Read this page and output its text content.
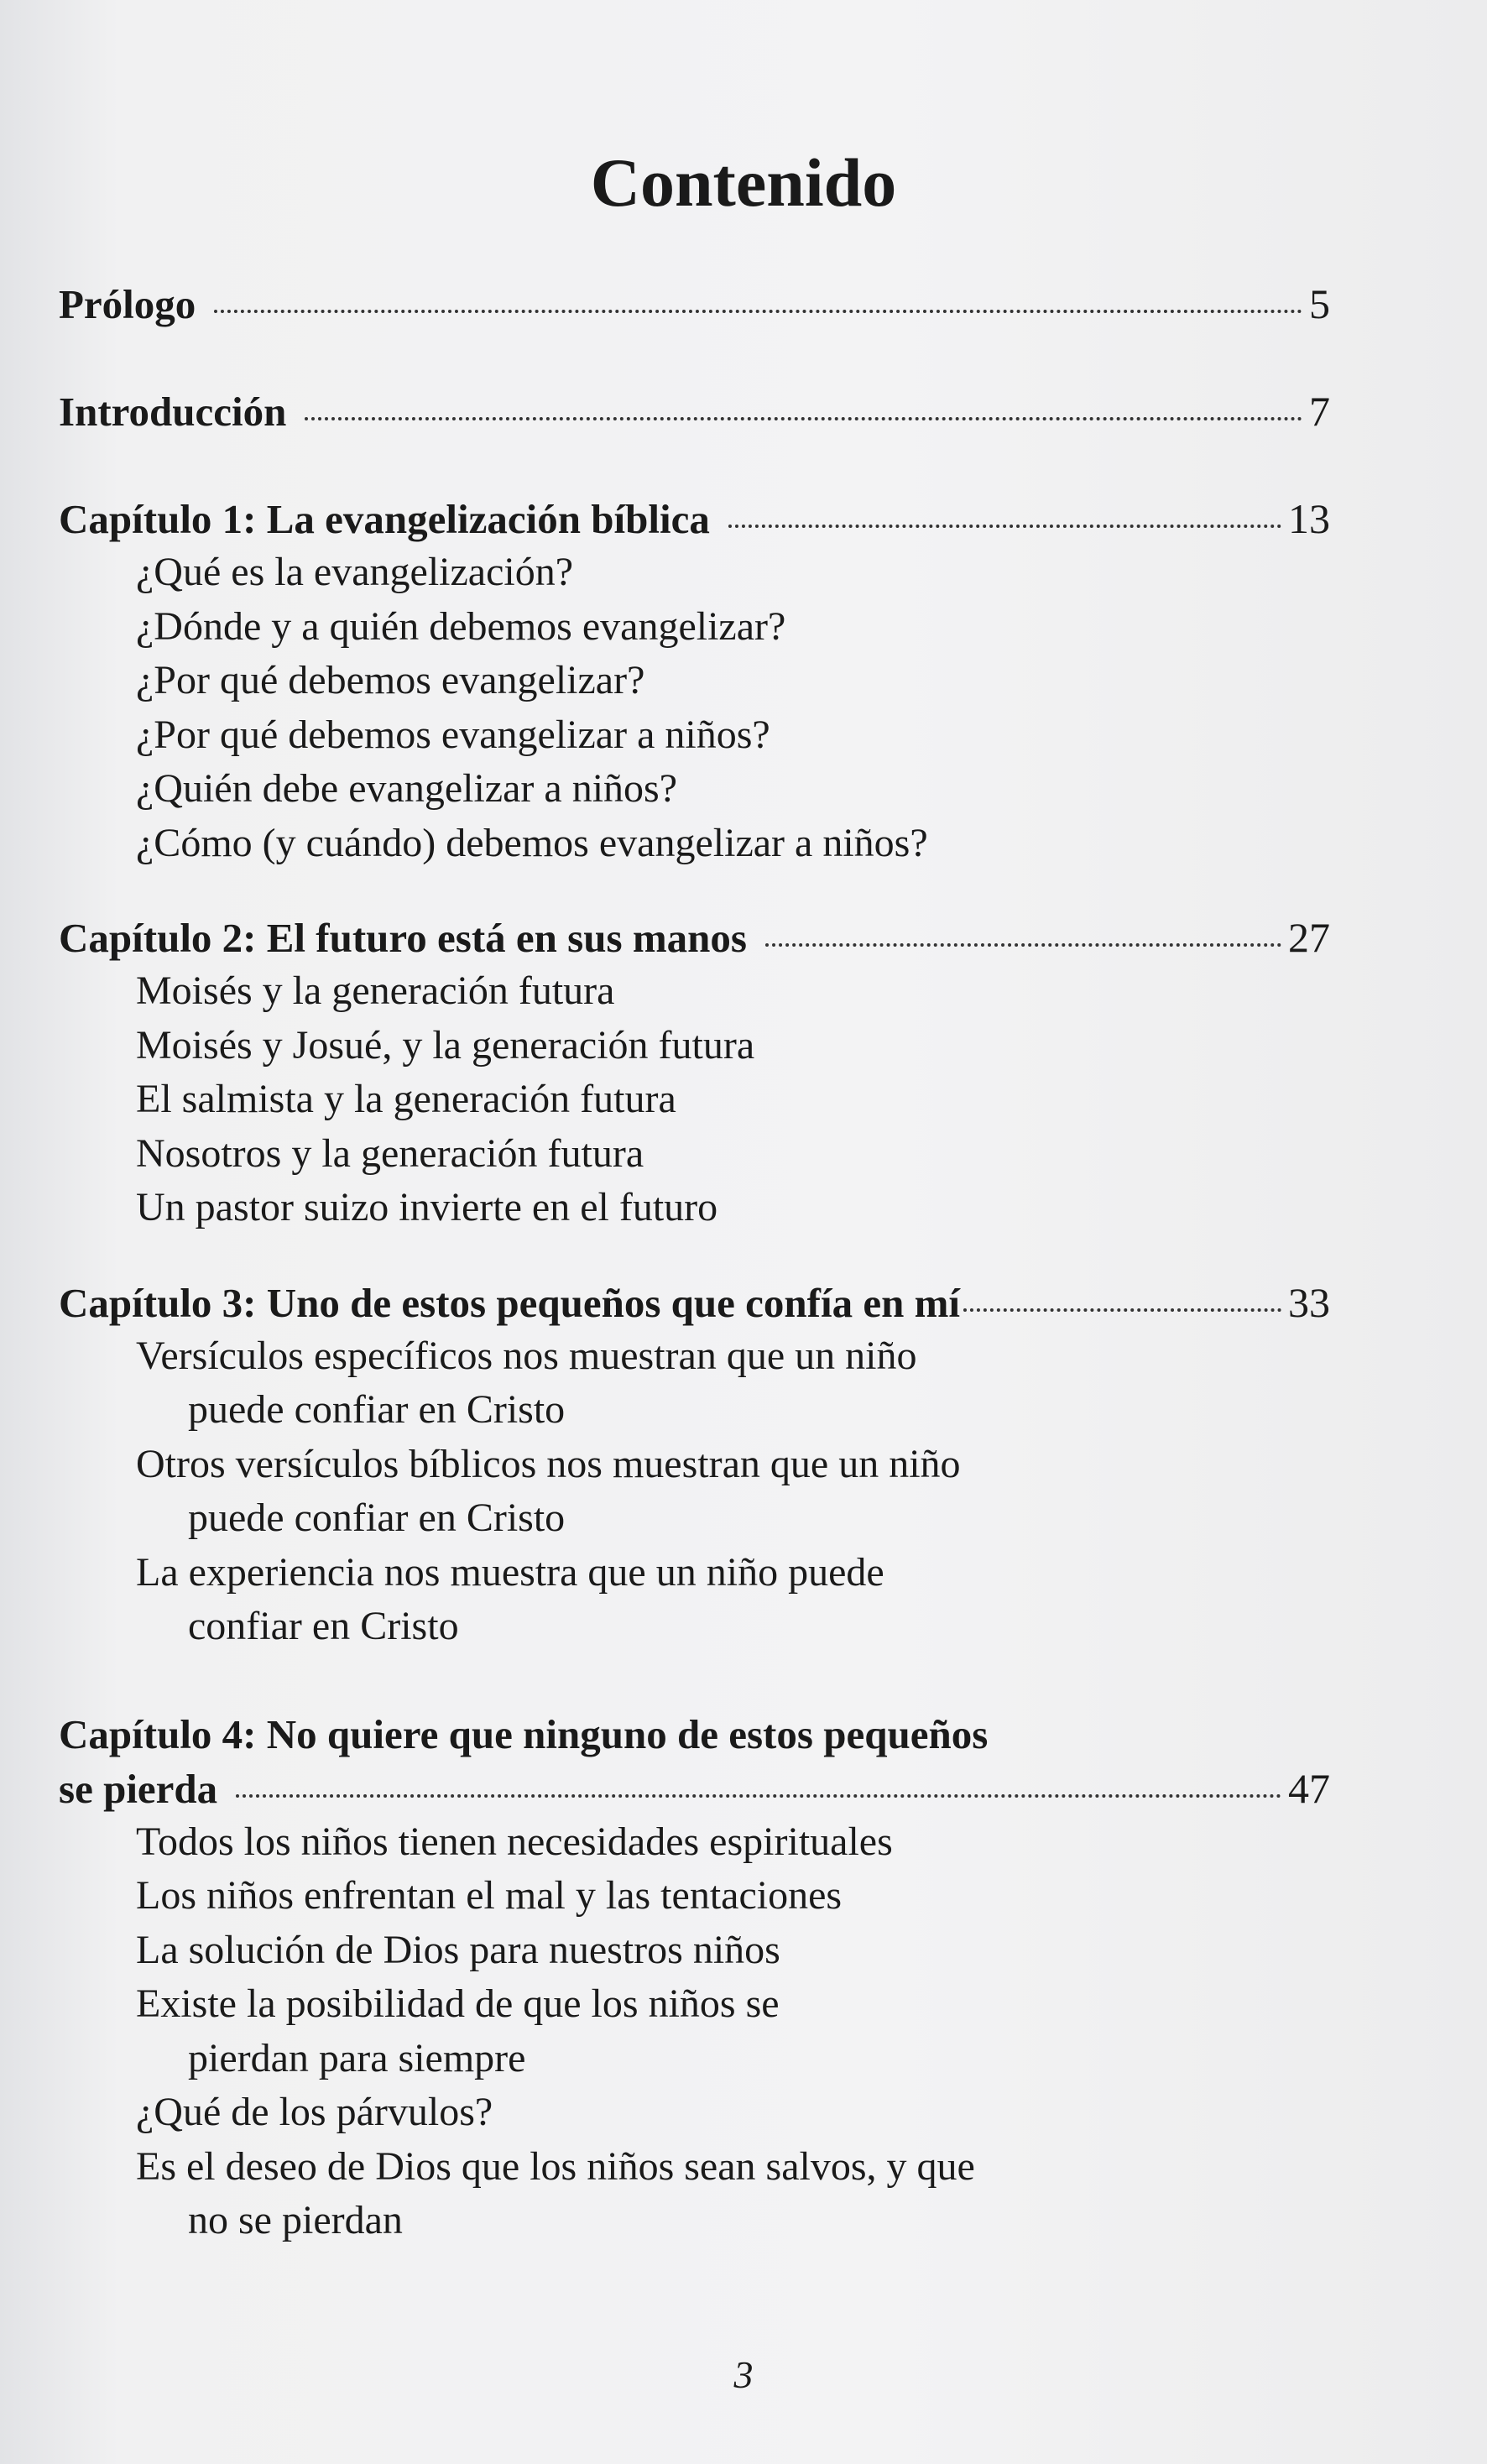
Contenido
Prólogo	5
Introducción	7
Capítulo 1: La evangelización bíblica	13
¿Qué es la evangelización?
¿Dónde y a quién debemos evangelizar?
¿Por qué debemos evangelizar?
¿Por qué debemos evangelizar a niños?
¿Quién debe evangelizar a niños?
¿Cómo (y cuándo) debemos evangelizar a niños?
Capítulo 2: El futuro está en sus manos	27
Moisés y la generación futura
Moisés y Josué, y la generación futura
El salmista y la generación futura
Nosotros y la generación futura
Un pastor suizo invierte en el futuro
Capítulo 3: Uno de estos pequeños que confía en mí	33
Versículos específicos nos muestran que un niño
puede confiar en Cristo
Otros versículos bíblicos nos muestran que un niño
puede confiar en Cristo
La experiencia nos muestra que un niño puede
confiar en Cristo
Capítulo 4: No quiere que ninguno de estos pequeños
se pierda	47
Todos los niños tienen necesidades espirituales
Los niños enfrentan el mal y las tentaciones
La solución de Dios para nuestros niños
Existe la posibilidad de que los niños se
pierdan para siempre
¿Qué de los párvulos?
Es el deseo de Dios que los niños sean salvos, y que
no se pierdan
3
